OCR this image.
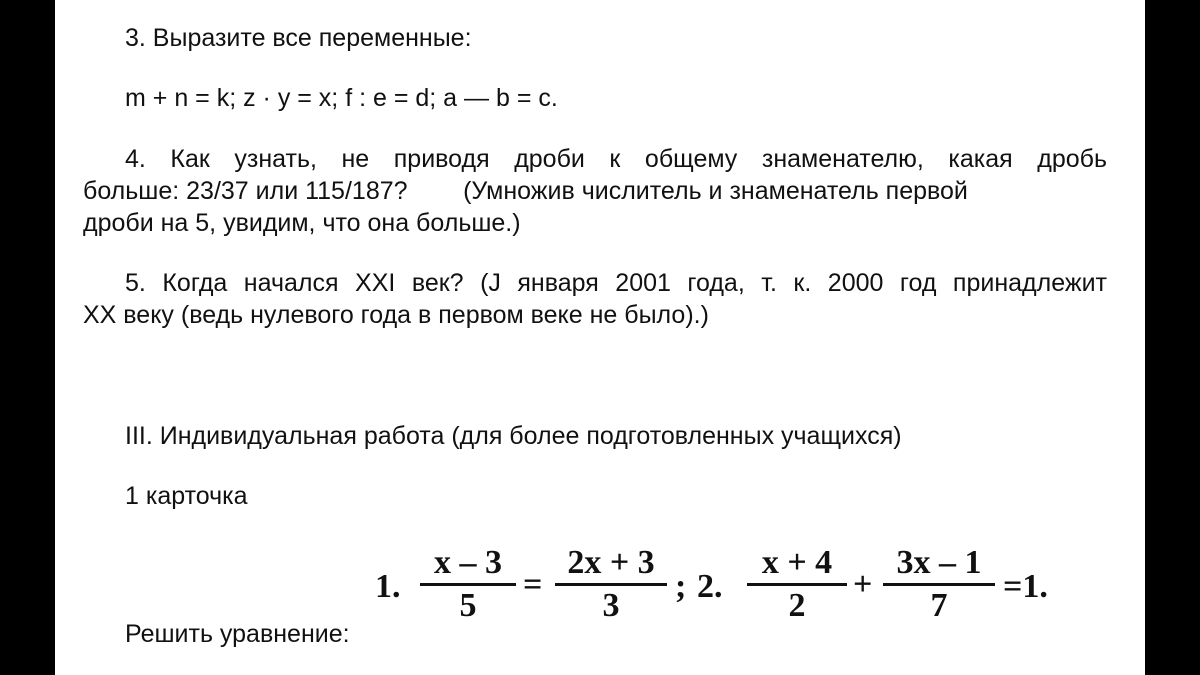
3. Выразите все переменные:
m + n = k; z · y = x; f : e = d; a — b = c.
4. Как узнать, не приводя дроби к общему знаменателю, какая дробь
больше: 23/37 или 115/187?        (Умножив числитель и знаменатель первой
дроби на 5, увидим, что она больше.)
5. Когда начался XXI век? (J января 2001 года, т. к. 2000 год принадлежит
XX веку (ведь нулевого года в первом веке не было).)
III. Индивидуальная работа (для более подготовленных учащихся)
1 карточка
Решить уравнение:
1.
x – 3
5
=
2x + 3
3
; 2.
x + 4
2
+
3x – 1
7
=1.
